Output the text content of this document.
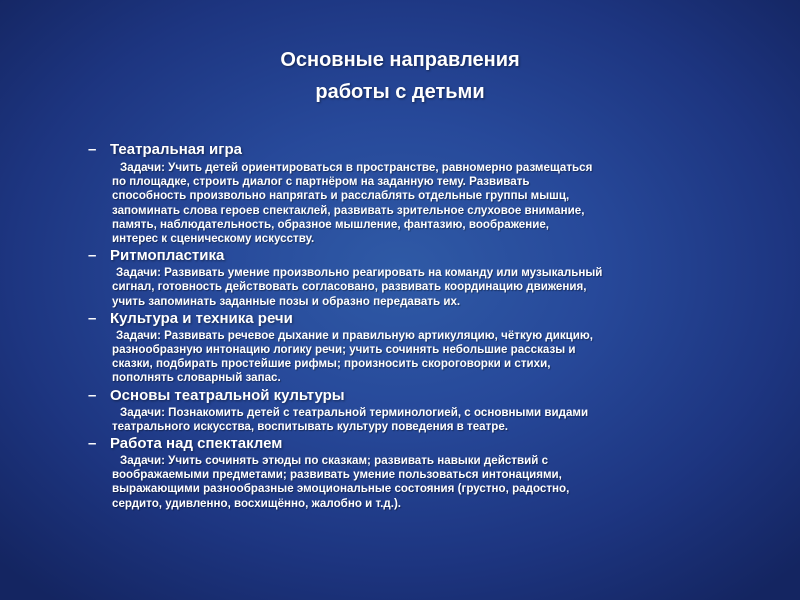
Основные направления
работы с детьми
– Театральная игра
Задачи: Учить детей ориентироваться в пространстве, равномерно размещаться
по площадке, строить диалог с партнёром на заданную тему. Развивать
способность произвольно напрягать и расслаблять отдельные группы мышц,
запоминать слова героев спектаклей, развивать зрительное слуховое внимание,
память, наблюдательность, образное мышление, фантазию, воображение,
интерес к сценическому искусству.
– Ритмопластика
Задачи: Развивать умение произвольно реагировать на команду или музыкальный
сигнал, готовность действовать согласовано, развивать координацию движения,
учить запоминать заданные позы и образно передавать их.
– Культура и техника речи
Задачи: Развивать речевое дыхание и правильную артикуляцию, чёткую дикцию,
разнообразную интонацию логику речи; учить сочинять небольшие рассказы и
сказки, подбирать простейшие рифмы; произносить скороговорки и стихи,
пополнять словарный запас.
– Основы театральной культуры
Задачи: Познакомить детей с театральной терминологией, с основными видами
театрального искусства, воспитывать культуру поведения в театре.
– Работа над спектаклем
Задачи: Учить сочинять этюды по сказкам; развивать навыки действий с
воображаемыми предметами; развивать умение пользоваться интонациями,
выражающими разнообразные эмоциональные состояния (грустно, радостно,
сердито, удивленно, восхищённо, жалобно и т.д.).
